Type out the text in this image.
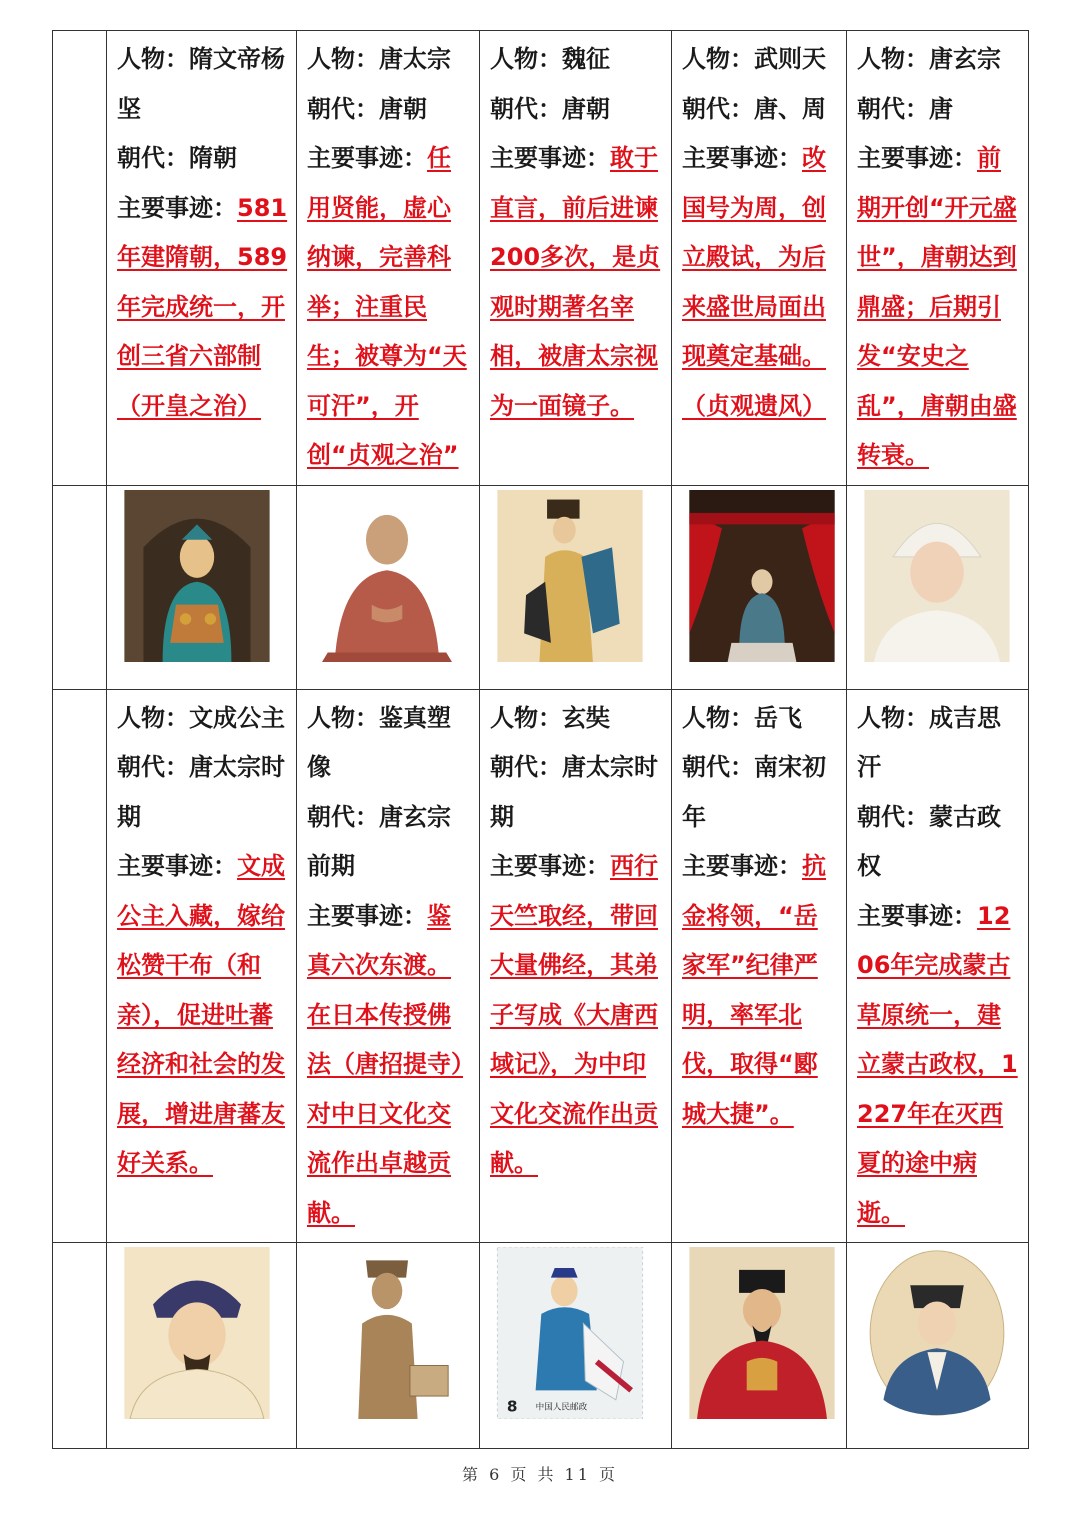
	人物：隋文帝杨坚
朝代：隋朝
主要事迹：581年建隋朝，589年完成统一，开创三省六部制（开皇之治）	人物：唐太宗
朝代：唐朝
主要事迹：任用贤能，虚心纳谏，完善科举；注重民生；被尊为“天可汗”，开创“贞观之治”	人物：魏征
朝代：唐朝
主要事迹：敢于直言，前后进谏200多次，是贞观时期著名宰相，被唐太宗视为一面镜子。	人物：武则天
朝代：唐、周
主要事迹：改国号为周，创立殿试，为后来盛世局面出现奠定基础。（贞观遗风）	人物：唐玄宗
朝代：唐
主要事迹：前期开创“开元盛世”，唐朝达到鼎盛；后期引发“安史之乱”，唐朝由盛转衰。

	人物：文成公主
朝代：唐太宗时期
主要事迹：文成公主入藏，嫁给松赞干布（和亲），促进吐蕃经济和社会的发展，增进唐蕃友好关系。	人物：鉴真塑像
朝代：唐玄宗前期
主要事迹：鉴真六次东渡。在日本传授佛法（唐招提寺）对中日文化交流作出卓越贡献。	人物：玄奘
朝代：唐太宗时期
主要事迹：西行天竺取经，带回大量佛经，其弟子写成《大唐西域记》，为中印文化交流作出贡献。	人物：岳飞
朝代：南宋初年
主要事迹：抗金将领，“岳家军”纪律严明，率军北伐，取得“郾城大捷”。	人物：成吉思汗
朝代：蒙古政权
主要事迹：1206年完成蒙古草原统一，建立蒙古政权，1227年在灭西夏的途中病逝。

8 中国人民邮政

第 6 页 共 11 页
